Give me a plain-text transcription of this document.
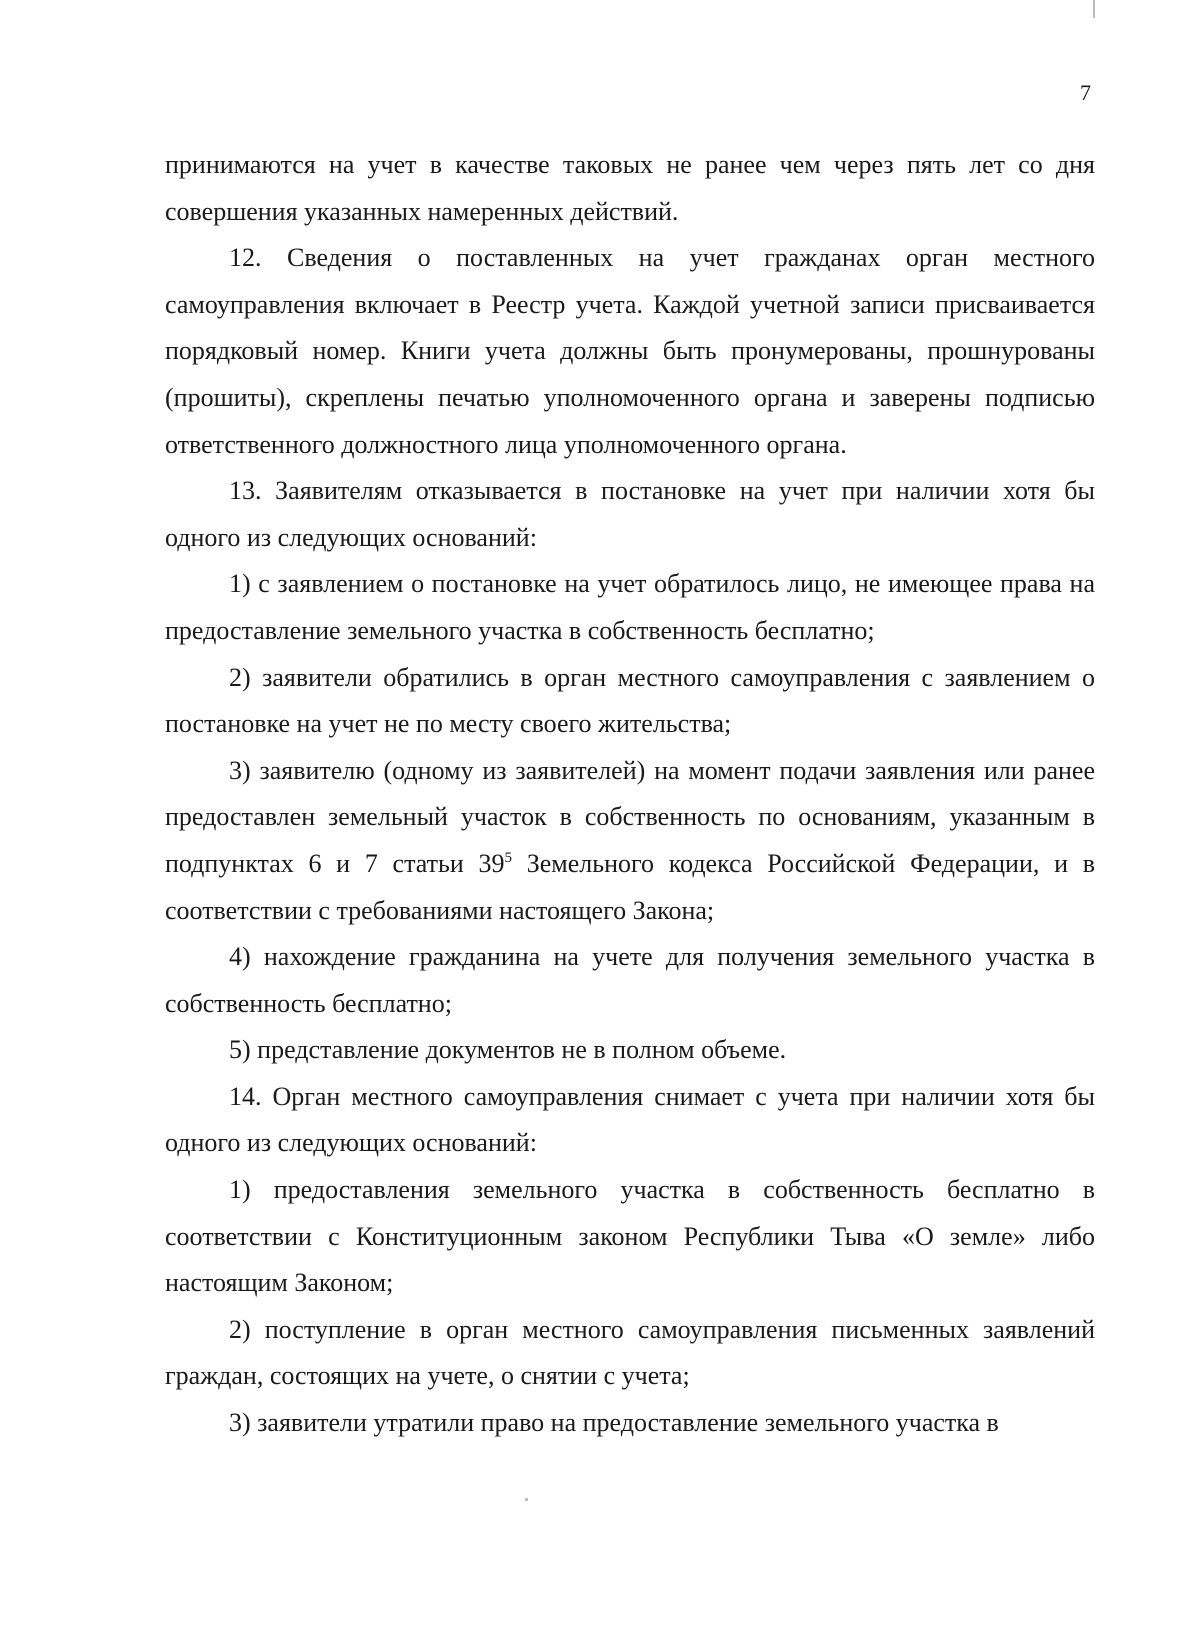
7

принимаются на учет в качестве таковых не ранее чем через пять лет со дня совершения указанных намеренных действий.

12. Сведения о поставленных на учет гражданах орган местного самоуправления включает в Реестр учета. Каждой учетной записи присваивается порядковый номер. Книги учета должны быть пронумерованы, прошнурованы (прошиты), скреплены печатью уполномоченного органа и заверены подписью ответственного должностного лица уполномоченного органа.

13. Заявителям отказывается в постановке на учет при наличии хотя бы одного из следующих оснований:

1) с заявлением о постановке на учет обратилось лицо, не имеющее права на предоставление земельного участка в собственность бесплатно;

2) заявители обратились в орган местного самоуправления с заявлением о постановке на учет не по месту своего жительства;

3) заявителю (одному из заявителей) на момент подачи заявления или ранее предоставлен земельный участок в собственность по основаниям, указанным в подпунктах 6 и 7 статьи $39^5$ Земельного кодекса Российской Федерации, и в соответствии с требованиями настоящего Закона;

4) нахождение гражданина на учете для получения земельного участка в собственность бесплатно;

5) представление документов не в полном объеме.

14. Орган местного самоуправления снимает с учета при наличии хотя бы одного из следующих оснований:

1) предоставления земельного участка в собственность бесплатно в соответствии с Конституционным законом Республики Тыва «О земле» либо настоящим Законом;

2) поступление в орган местного самоуправления письменных заявлений граждан, состоящих на учете, о снятии с учета;

3) заявители утратили право на предоставление земельного участка в
